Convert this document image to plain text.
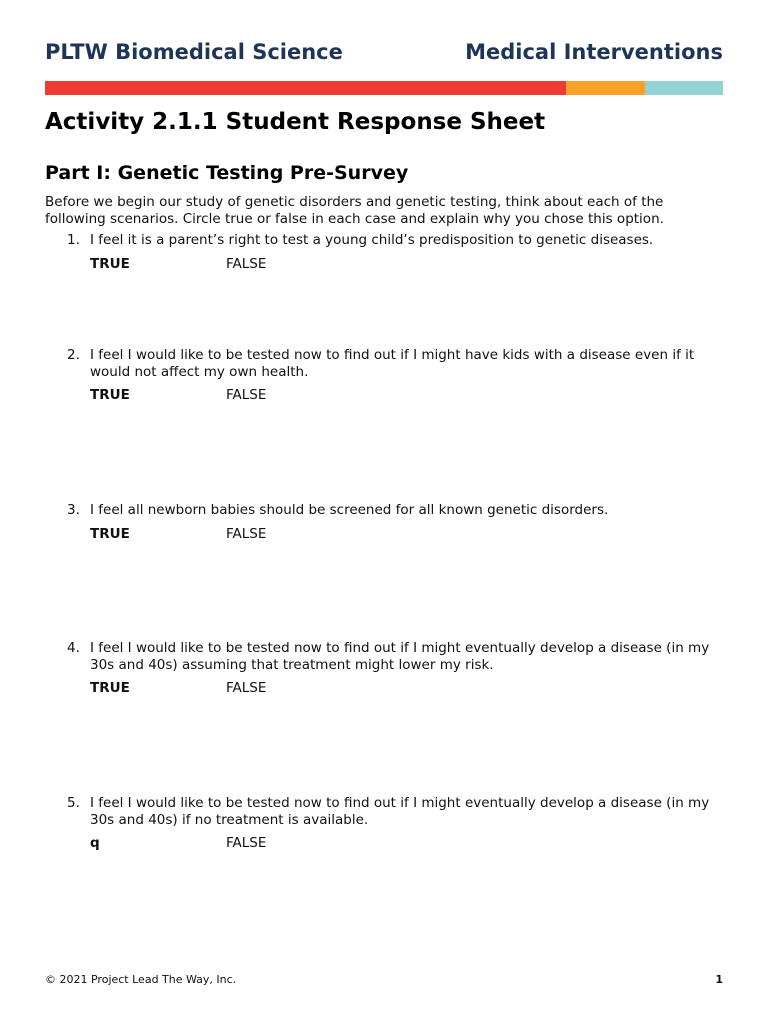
PLTW Biomedical Science	Medical Interventions
Activity 2.1.1 Student Response Sheet
Part I: Genetic Testing Pre-Survey
Before we begin our study of genetic disorders and genetic testing, think about each of the following scenarios. Circle true or false in each case and explain why you chose this option.
1. I feel it is a parent’s right to test a young child’s predisposition to genetic diseases.
TRUE	FALSE
2. I feel I would like to be tested now to find out if I might have kids with a disease even if it would not affect my own health.
TRUE	FALSE
3. I feel all newborn babies should be screened for all known genetic disorders.
TRUE	FALSE
4. I feel I would like to be tested now to find out if I might eventually develop a disease (in my 30s and 40s) assuming that treatment might lower my risk.
TRUE	FALSE
5. I feel I would like to be tested now to find out if I might eventually develop a disease (in my 30s and 40s) if no treatment is available.
q	FALSE
© 2021 Project Lead The Way, Inc.	1
